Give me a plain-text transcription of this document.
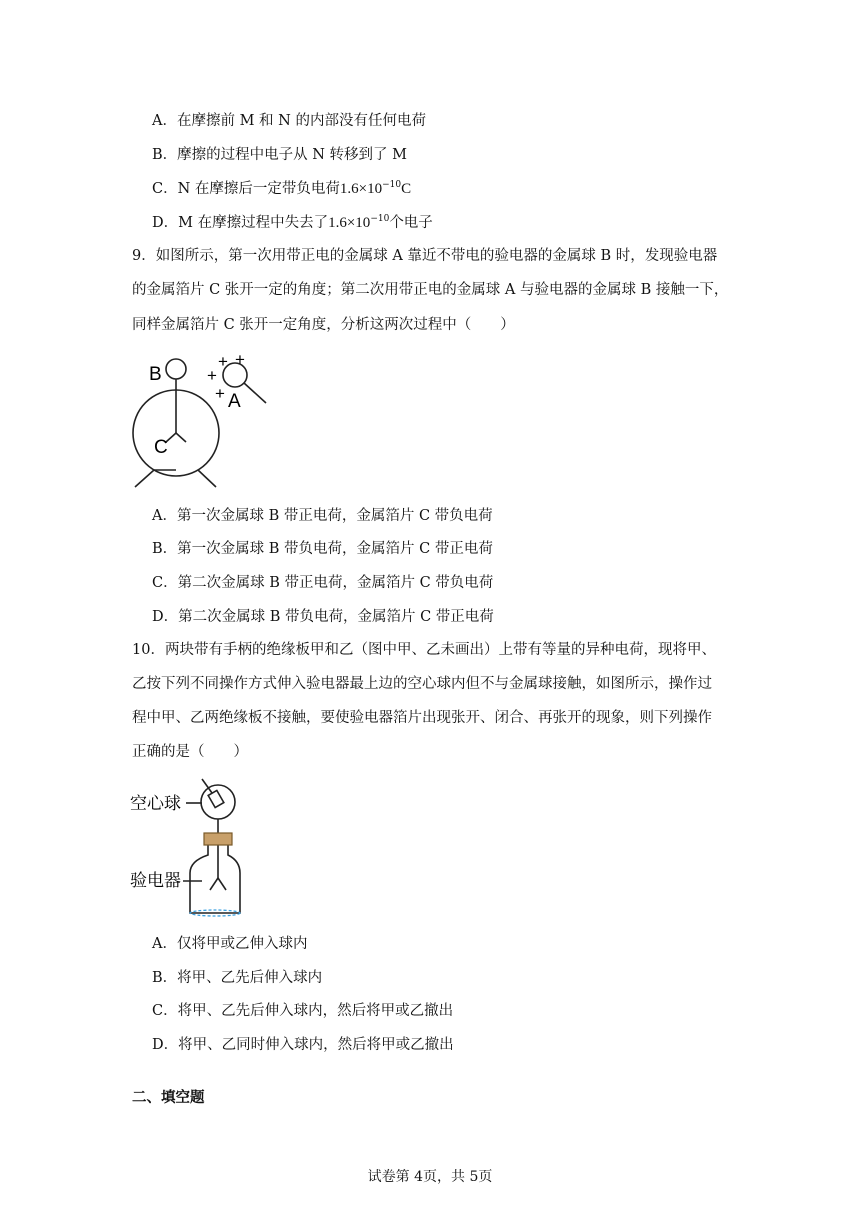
A．在摩擦前 M 和 N 的内部没有任何电荷
B．摩擦的过程中电子从 N 转移到了 M
C．N 在摩擦后一定带负电荷$1.6\times 10^{-10}C$
D．M 在摩擦过程中失去了$1.6\times 10^{-10}$个电子
9．如图所示，第一次用带正电的金属球 A 靠近不带电的验电器的金属球 B 时，发现验电器
的金属箔片 C 张开一定的角度；第二次用带正电的金属球 A 与验电器的金属球 B 接触一下，
同样金属箔片 C 张开一定角度，分析这两次过程中（　　）
B
A
C
+ +
+
+
A．第一次金属球 B 带正电荷，金属箔片 C 带负电荷
B．第一次金属球 B 带负电荷，金属箔片 C 带正电荷
C．第二次金属球 B 带正电荷，金属箔片 C 带负电荷
D．第二次金属球 B 带负电荷，金属箔片 C 带正电荷
10．两块带有手柄的绝缘板甲和乙（图中甲、乙未画出）上带有等量的异种电荷，现将甲、
乙按下列不同操作方式伸入验电器最上边的空心球内但不与金属球接触，如图所示，操作过
程中甲、乙两绝缘板不接触，要使验电器箔片出现张开、闭合、再张开的现象，则下列操作
正确的是（　　）
空心球
验电器
A．仅将甲或乙伸入球内
B．将甲、乙先后伸入球内
C．将甲、乙先后伸入球内，然后将甲或乙撤出
D．将甲、乙同时伸入球内，然后将甲或乙撤出
二、填空题
试卷第 4页，共 5页
